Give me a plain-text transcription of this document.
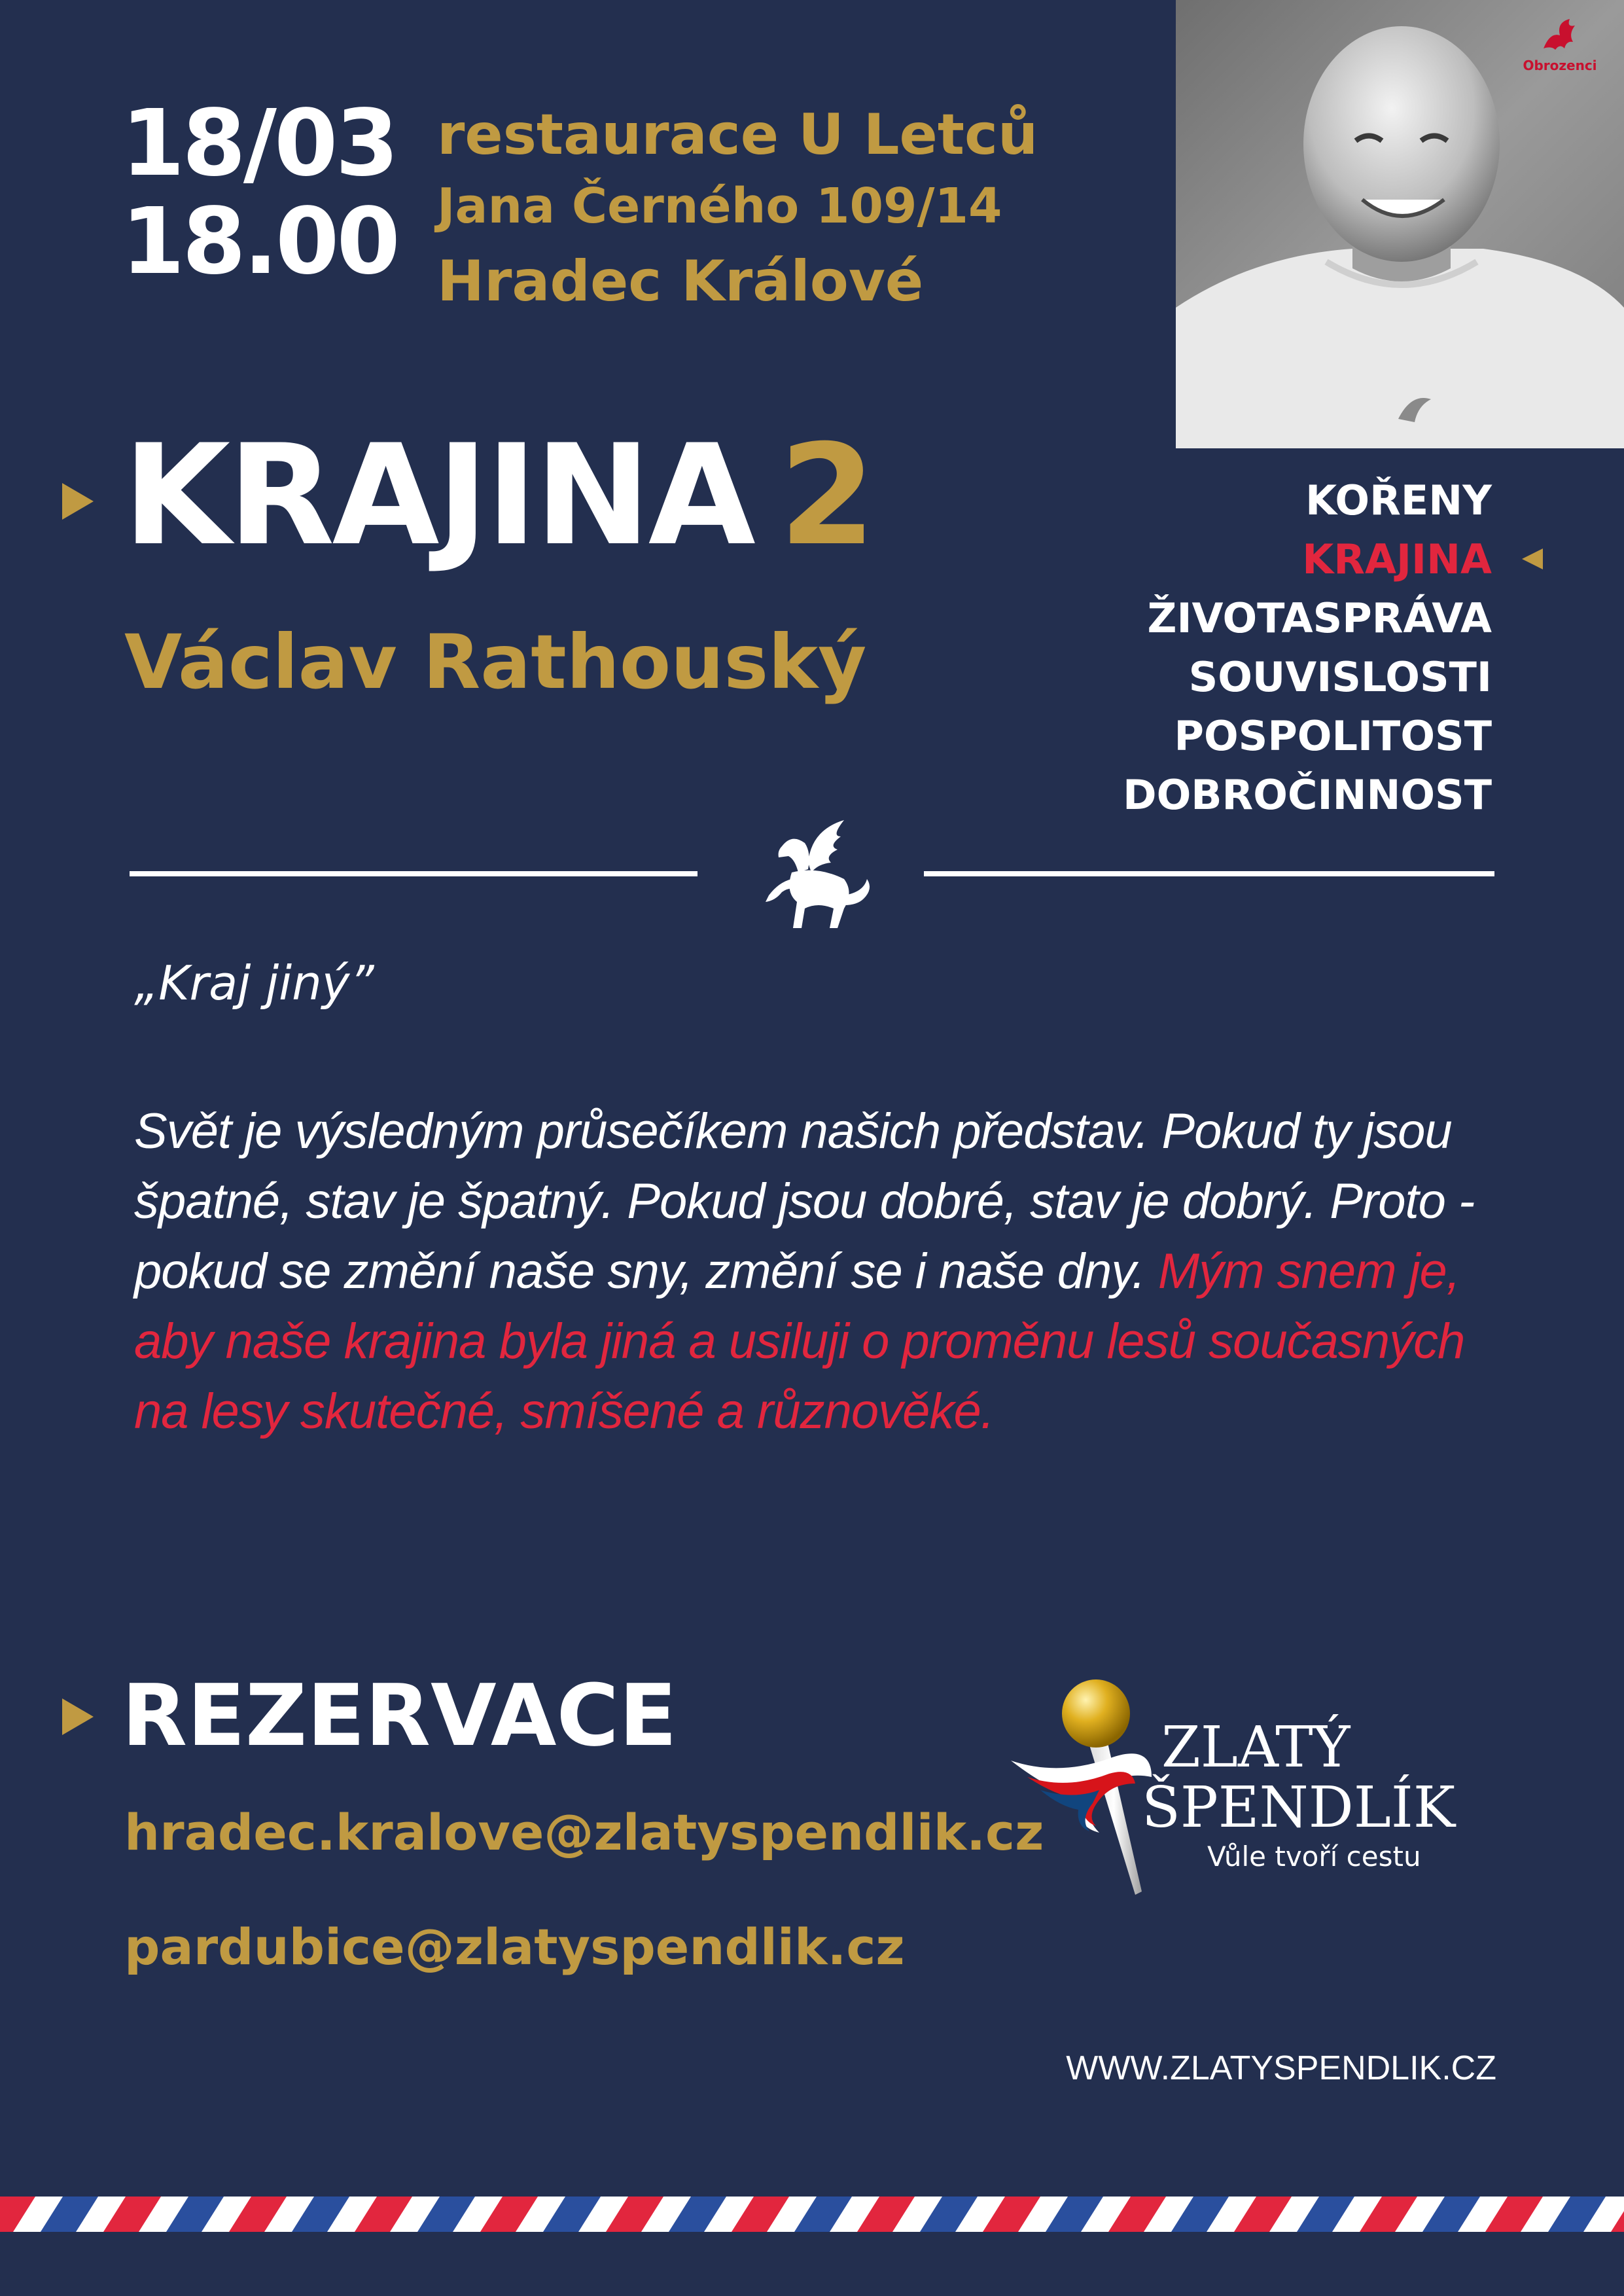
18/03
18.00
restaurace U Letců
Jana Černého 109/14
Hradec Králové
Obrozenci
KRAJINA 2
Václav Rathouský
KOŘENY
KRAJINA
ŽIVOTASPRÁVA
SOUVISLOSTI
POSPOLITOST
DOBROČINNOST
„Kraj jiný”
Svět je výsledným průsečíkem našich představ. Pokud ty jsou špatné, stav je špatný. Pokud jsou dobré, stav je dobrý. Proto - pokud se změní naše sny, změní se i naše dny. Mým snem je, aby naše krajina byla jiná a usiluji o proměnu lesů současných na lesy skutečné, smíšené a různověké.
REZERVACE
hradec.kralove@zlatyspendlik.cz
pardubice@zlatyspendlik.cz
ZLATÝ
ŠPENDLÍK
Vůle tvoří cestu
WWW.ZLATYSPENDLIK.CZ
